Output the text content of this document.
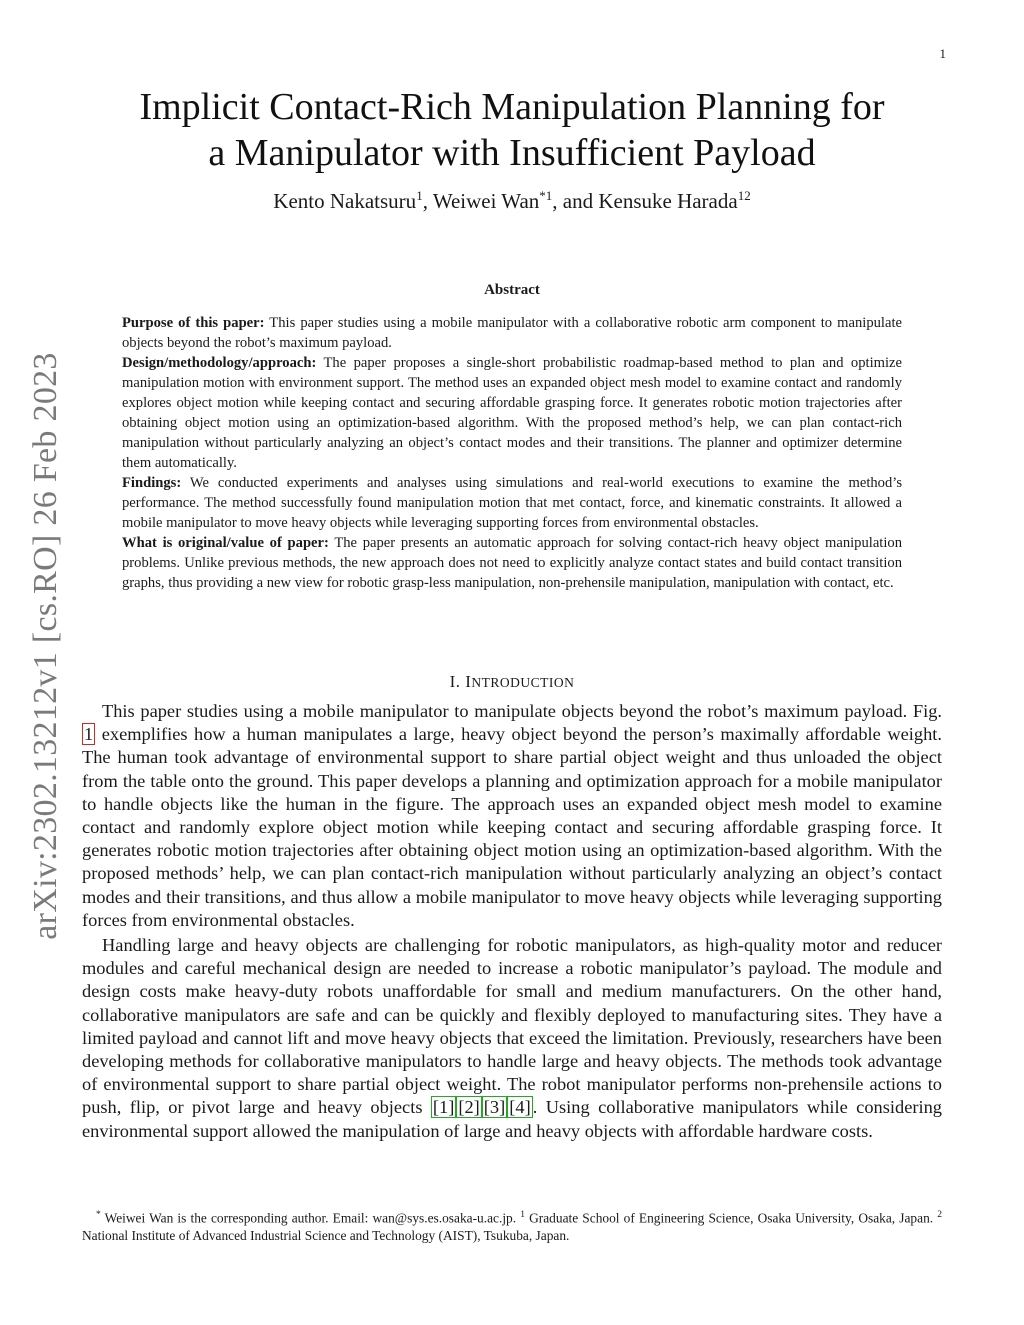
1
arXiv:2302.13212v1 [cs.RO] 26 Feb 2023
Implicit Contact-Rich Manipulation Planning for
a Manipulator with Insufficient Payload
Kento Nakatsuru$^1$, Weiwei Wan$^{*1}$, and Kensuke Harada$^{12}$
Abstract

Purpose of this paper: This paper studies using a mobile manipulator with a collaborative robotic arm component to manipulate objects beyond the robot’s maximum payload.

Design/methodology/approach: The paper proposes a single-short probabilistic roadmap-based method to plan and optimize manipulation motion with environment support. The method uses an expanded object mesh model to examine contact and randomly explores object motion while keeping contact and securing affordable grasping force. It generates robotic motion trajectories after obtaining object motion using an optimization-based algorithm. With the proposed method’s help, we can plan contact-rich manipulation without particularly analyzing an object’s contact modes and their transitions. The planner and optimizer determine them automatically.

Findings: We conducted experiments and analyses using simulations and real-world executions to examine the method’s performance. The method successfully found manipulation motion that met contact, force, and kinematic constraints. It allowed a mobile manipulator to move heavy objects while leveraging supporting forces from environmental obstacles.

What is original/value of paper: The paper presents an automatic approach for solving contact-rich heavy object manipulation problems. Unlike previous methods, the new approach does not need to explicitly analyze contact states and build contact transition graphs, thus providing a new view for robotic grasp-less manipulation, non-prehensile manipulation, manipulation with contact, etc.

I. INTRODUCTION

This paper studies using a mobile manipulator to manipulate objects beyond the robot’s maximum payload. Fig. 1 exemplifies how a human manipulates a large, heavy object beyond the person’s maximally affordable weight. The human took advantage of environmental support to share partial object weight and thus unloaded the object from the table onto the ground. This paper develops a planning and optimization approach for a mobile manipulator to handle objects like the human in the figure. The approach uses an expanded object mesh model to examine contact and randomly explore object motion while keeping contact and securing affordable grasping force. It generates robotic motion trajectories after obtaining object motion using an optimization-based algorithm. With the proposed methods’ help, we can plan contact-rich manipulation without particularly analyzing an object’s contact modes and their transitions, and thus allow a mobile manipulator to move heavy objects while leveraging supporting forces from environmental obstacles.

Handling large and heavy objects are challenging for robotic manipulators, as high-quality motor and reducer modules and careful mechanical design are needed to increase a robotic manipulator’s payload. The module and design costs make heavy-duty robots unaffordable for small and medium manufacturers. On the other hand, collaborative manipulators are safe and can be quickly and flexibly deployed to manufacturing sites. They have a limited payload and cannot lift and move heavy objects that exceed the limitation. Previously, researchers have been developing methods for collaborative manipulators to handle large and heavy objects. The methods took advantage of environmental support to share partial object weight. The robot manipulator performs non-prehensile actions to push, flip, or pivot large and heavy objects [1] [2] [3] [4] . Using collaborative manipulators while considering environmental support allowed the manipulation of large and heavy objects with affordable hardware costs.

* Weiwei Wan is the corresponding author. Email: wan@sys.es.osaka-u.ac.jp. $^1$ Graduate School of Engineering Science, Osaka University, Osaka, Japan. $^2$ National Institute of Advanced Industrial Science and Technology (AIST), Tsukuba, Japan.
